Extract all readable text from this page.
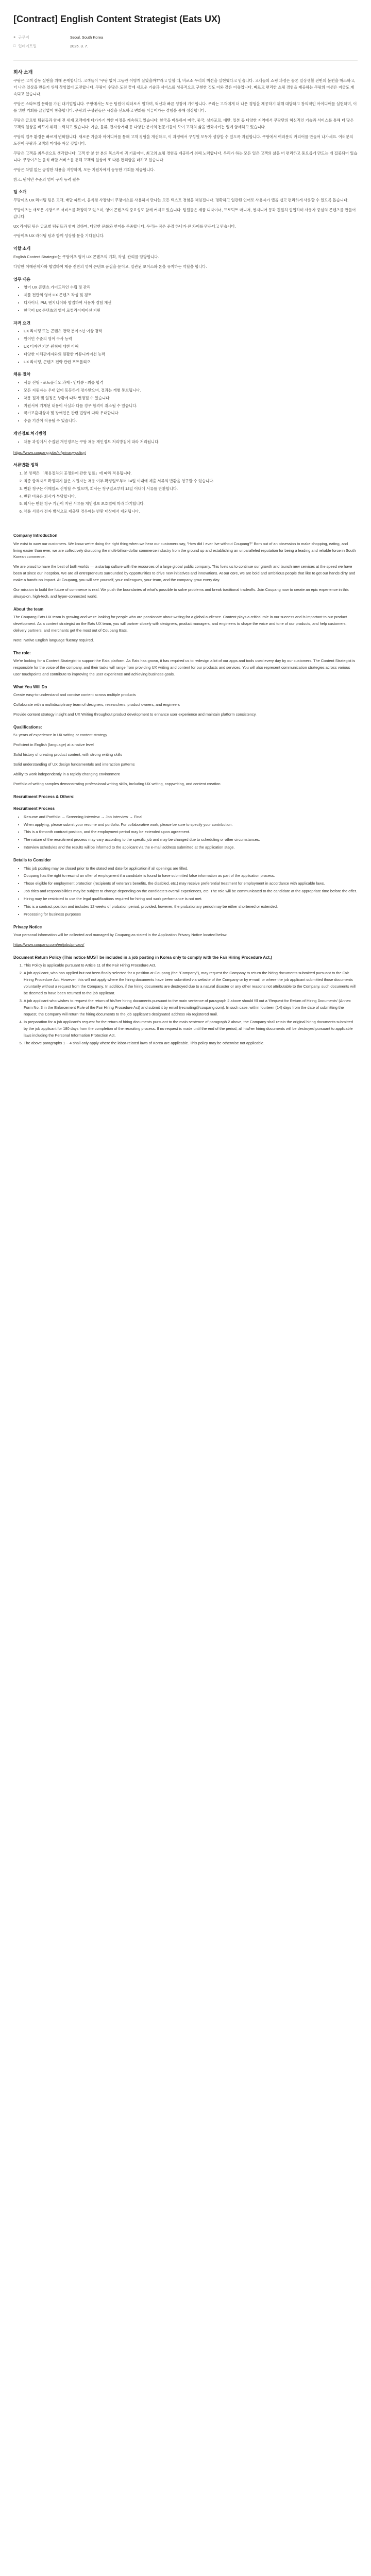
[Contract] English Content Strategist (Eats UX)
● 근무지	Seoul, South Korea
□ 업데이트일	2025. 3. 7.
회사 소개

쿠팡은 고객 감동 실현을 위해 존재합니다. 고객들이 "쿠팡 없이 그동안 어떻게 살았을까?"라고 말할 때, 비로소 우리의 미션을 실현했다고 믿습니다. 고객들의 쇼핑 과정은 물론 일상생활 전반의 불편을 해소하고, 더 나은 일상을 만들기 위해 끊임없이 도전합니다. 쿠팡이 수많은 도전 끝에 새로운 기술과 서비스를 성공적으로 구현한 것도 이와 같은 이유입니다. 빠르고 편리한 쇼핑 경험을 제공하는 쿠팡의 미션은 지금도 계속되고 있습니다.

쿠팡은 스타트업 문화를 가진 대기업입니다. 쿠팡에서는 모든 팀원이 리더로서 일하며, 혁신과 빠른 성장에 기여합니다. 우리는 고객에게 더 나은 경험을 제공하기 위해 대담하고 창의적인 아이디어를 실현하며, 이를 위한 기회를 끊임없이 창출합니다. 쿠팡의 구성원들은 시장을 선도하고 변화를 이끌어가는 경험을 통해 성장합니다.

쿠팡은 글로벌 팀원들과 함께 전 세계 고객에게 다가가기 위한 여정을 계속하고 있습니다. 한국을 비롯하여 미국, 중국, 싱가포르, 대만, 일본 등 다양한 지역에서 쿠팡만의 혁신적인 기술과 서비스를 통해 더 많은 고객의 일상을 바꾸기 위해 노력하고 있습니다. 기술, 물류, 전자상거래 등 다양한 분야의 전문가들이 모여 고객의 삶을 변화시키는 일에 함께하고 있습니다.

쿠팡의 업무 환경은 빠르게 변화합니다. 새로운 기술과 아이디어를 통해 고객 경험을 개선하고, 이 과정에서 구성원 모두가 성장할 수 있도록 지원합니다. 쿠팡에서 여러분의 커리어를 만들어 나가세요. 여러분의 도전이 쿠팡과 고객의 미래를 바꿀 것입니다.

쿠팡은 고객을 최우선으로 생각합니다. 고객 한 분 한 분의 목소리에 귀 기울이며, 최고의 쇼핑 경험을 제공하기 위해 노력합니다. 우리가 하는 모든 일은 고객의 삶을 더 편리하고 풍요롭게 만드는 데 집중되어 있습니다. 쿠팡이츠는 음식 배달 서비스를 통해 고객의 일상에 또 다른 편리함을 더하고 있습니다.

쿠팡은 차별 없는 공정한 채용을 지향하며, 모든 지원자에게 동등한 기회를 제공합니다.

참고: 원어민 수준의 영어 구사 능력 필수

팀 소개

쿠팡이츠 UX 라이팅 팀은 고객, 배달 파트너, 음식점 사장님이 쿠팡이츠를 사용하며 만나는 모든 텍스트 경험을 책임집니다. 명확하고 일관된 언어로 사용자가 앱을 쉽고 편리하게 사용할 수 있도록 돕습니다.

쿠팡이츠는 새로운 시장으로 서비스를 확장하고 있으며, 영어 콘텐츠의 중요성도 함께 커지고 있습니다. 팀원들은 제품 디자이너, 프로덕트 매니저, 엔지니어 등과 긴밀히 협업하며 사용자 중심의 콘텐츠를 만들어 갑니다.

UX 라이팅 팀은 글로벌 팀원들과 함께 일하며, 다양한 문화와 언어를 존중합니다. 우리는 작은 문장 하나가 큰 차이를 만든다고 믿습니다.

쿠팡이츠 UX 라이팅 팀과 함께 성장할 분을 기다립니다.

역할 소개

English Content Strategist는 쿠팡이츠 영어 UX 콘텐츠의 기획, 작성, 관리를 담당합니다.

다양한 이해관계자와 협업하여 제품 전반의 영어 콘텐츠 품질을 높이고, 일관된 보이스와 톤을 유지하는 역할을 합니다.

업무 내용
• 영어 UX 콘텐츠 가이드라인 수립 및 관리
• 제품 전반의 영어 UX 콘텐츠 작성 및 검토
• 디자이너, PM, 엔지니어와 협업하여 사용자 경험 개선
• 한국어 UX 콘텐츠의 영어 로컬라이제이션 지원
자격 요건
• UX 라이팅 또는 콘텐츠 전략 분야 5년 이상 경력
• 원어민 수준의 영어 구사 능력
• UX 디자인 기본 원칙에 대한 이해
• 다양한 이해관계자와의 원활한 커뮤니케이션 능력
• UX 라이팅, 콘텐츠 전략 관련 포트폴리오
채용 절차
• 서류 전형 - 포트폴리오 과제 - 인터뷰 - 최종 합격
• 모든 지원자는 우대 없이 동등하게 평가받으며, 결과는 개별 통보됩니다.
• 채용 절차 및 일정은 상황에 따라 변경될 수 있습니다.
• 지원서에 기재된 내용이 사실과 다를 경우 합격이 취소될 수 있습니다.
• 국가보훈대상자 및 장애인은 관련 법령에 따라 우대합니다.
• 수습 기간이 적용될 수 있습니다.
개인정보 처리방침
• 채용 과정에서 수집된 개인정보는 쿠팡 채용 개인정보 처리방침에 따라 처리됩니다.

https://www.coupang.jobs/kr/privacy-policy/

서류반환 정책
1. 본 정책은 「채용절차의 공정화에 관한 법률」에 따라 적용됩니다.
2. 최종 합격자로 확정되지 않은 지원자는 채용 여부 확정일로부터 14일 이내에 제출 서류의 반환을 청구할 수 있습니다.
3. 반환 청구는 이메일로 신청할 수 있으며, 회사는 청구일로부터 14일 이내에 서류를 반환합니다.
4. 반환 비용은 회사가 부담합니다.
5. 회사는 반환 청구 기간이 지난 서류를 개인정보 보호법에 따라 파기합니다.
6. 채용 서류가 전자 방식으로 제출된 경우에는 반환 대상에서 제외됩니다.
Company Introduction

We exist to wow our customers. We know we're doing the right thing when we hear our customers say, "How did I ever live without Coupang?" Born out of an obsession to make shopping, eating, and living easier than ever, we are collectively disrupting the multi-billion-dollar commerce industry from the ground up and establishing an unparalleled reputation for being a leading and reliable force in South Korean commerce.

We are proud to have the best of both worlds — a startup culture with the resources of a large global public company. This fuels us to continue our growth and launch new services at the speed we have been at since our inception. We are all entrepreneurs surrounded by opportunities to drive new initiatives and innovations. At our core, we are bold and ambitious people that like to get our hands dirty and make a hands-on impact. At Coupang, you will see yourself, your colleagues, your team, and the company grow every day.

Our mission to build the future of commerce is real. We push the boundaries of what's possible to solve problems and break traditional tradeoffs. Join Coupang now to create an epic experience in this always-on, high-tech, and hyper-connected world.

About the team

The Coupang Eats UX team is growing and we're looking for people who are passionate about writing for a global audience. Content plays a critical role in our success and is important to our product development. As a content strategist on the Eats UX team, you will partner closely with designers, product managers, and engineers to shape the voice and tone of our products, and help customers, delivery partners, and merchants get the most out of Coupang Eats.

Note: Native English language fluency required.

The role:

We're looking for a Content Strategist to support the Eats platform. As Eats has grown, it has required us to redesign a lot of our apps and tools used every day by our customers. The Content Strategist is responsible for the voice of the company, and their tasks will range from providing UX writing and content for our products and services. You will also represent communication strategies across various user touchpoints and contribute to improving the user experience and achieving business goals.

What You Will Do

Create easy-to-understand and concise content across multiple products

Collaborate with a multidisciplinary team of designers, researchers, product owners, and engineers

Provide content strategy insight and UX Writing throughout product development to enhance user experience and maintain platform consistency.

Qualifications:

5+ years of experience in UX writing or content strategy

Proficient in English (language) at a native level

Solid history of creating product content, with strong writing skills

Solid understanding of UX design fundamentals and interaction patterns

Ability to work independently in a rapidly changing environment

Portfolio of writing samples demonstrating professional writing skills, including UX writing, copywriting, and content creation

Recruitment Process & Others:
Recruitment Process
• Resume and Portfolio → Screening Interview → Job Interview → Final
• When applying, please submit your resume and portfolio. For collaborative work, please be sure to specify your contribution.
• This is a 6-month contract position, and the employment period may be extended upon agreement.
• The nature of the recruitment process may vary according to the specific job and may be changed due to scheduling or other circumstances.
• Interview schedules and the results will be informed to the applicant via the e-mail address submitted at the application stage.
Details to Consider
• This job posting may be closed prior to the stated end date for application if all openings are filled.
• Coupang has the right to rescind an offer of employment if a candidate is found to have submitted false information as part of the application process.
• Those eligible for employment protection (recipients of veteran's benefits, the disabled, etc.) may receive preferential treatment for employment in accordance with applicable laws.
• Job titles and responsibilities may be subject to change depending on the candidate's overall experiences, etc. The role will be communicated to the candidate at the appropriate time before the offer.
• Hiring may be restricted to use the legal qualifications required for hiring and work performance is not met.
• This is a contract position and includes 12 weeks of probation period, provided, however, the probationary period may be either shortened or extended.
• Processing for business purposes
Privacy Notice

Your personal information will be collected and managed by Coupang as stated in the Application Privacy Notice located below.

https://www.coupang.com/en/jobs/privacy/

Document Return Policy (This notice MUST be included in a job posting in Korea only to comply with the Fair Hiring Procedure Act.)
1. This Policy is applicable pursuant to Article 11 of the Fair Hiring Procedure Act.
2. A job applicant, who has applied but not been finally selected for a position at Coupang (the "Company"), may request the Company to return the hiring documents submitted pursuant to the Fair Hiring Procedure Act. However, this will not apply where the hiring documents have been submitted via website of the Company or by e-mail, or where the job applicant submitted those documents voluntarily without a request from the Company. In addition, if the hiring documents are destroyed due to a natural disaster or any other reasons not attributable to the Company, such documents will be deemed to have been returned to the job applicant.
3. A job applicant who wishes to request the return of his/her hiring documents pursuant to the main sentence of paragraph 2 above should fill out a 'Request for Return of Hiring Documents' (Annex Form No. 3 in the Enforcement Rule of the Fair Hiring Procedure Act) and submit it by email (recruiting@coupang.com). In such case, within fourteen (14) days from the date of submitting the request, the Company will return the hiring documents to the job applicant's designated address via registered mail.
4. In preparation for a job applicant's request for the return of hiring documents pursuant to the main sentence of paragraph 2 above, the Company shall retain the original hiring documents submitted by the job applicant for 180 days from the completion of the recruiting process. If no request is made until the end of the period, all his/her hiring documents will be destroyed pursuant to applicable laws including the Personal Information Protection Act.
5. The above paragraphs 1 ~ 4 shall only apply where the labor-related laws of Korea are applicable. This policy may be otherwise not applicable.
